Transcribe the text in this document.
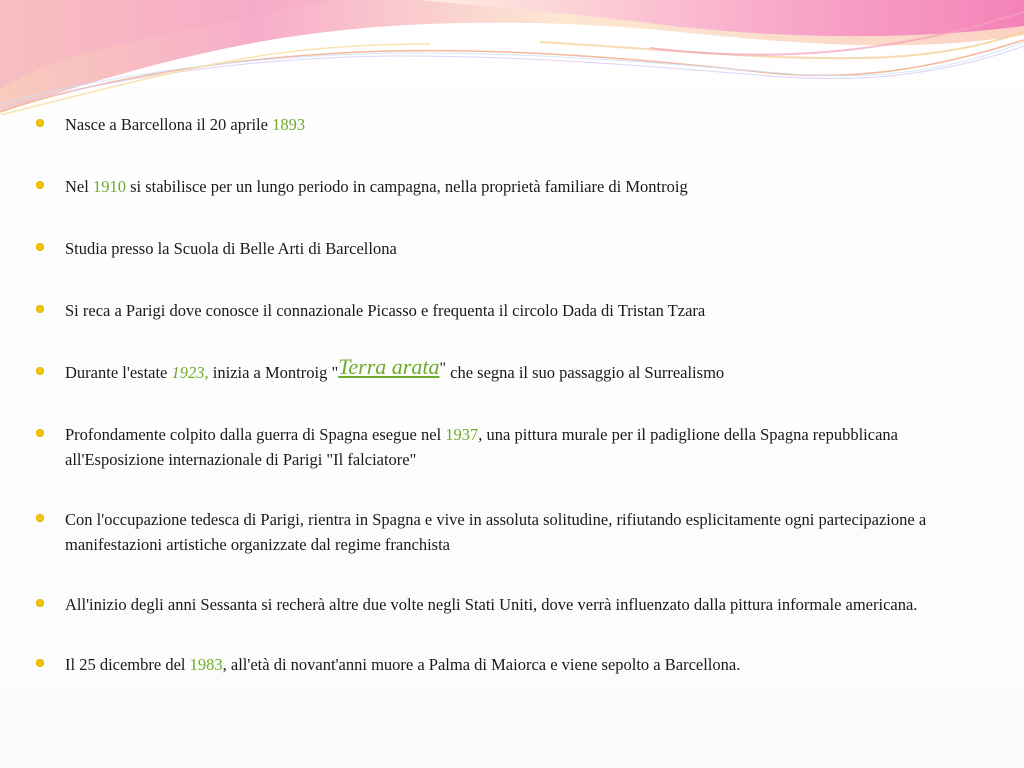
Nasce a Barcellona il 20 aprile 1893
Nel 1910 si stabilisce per un lungo periodo in campagna, nella proprietà familiare di Montroig
Studia presso la Scuola di Belle Arti di Barcellona
Si reca a Parigi dove conosce il connazionale Picasso e frequenta il circolo Dada di Tristan Tzara
Durante l'estate 1923, inizia a Montroig "Terra arata" che segna il suo passaggio al Surrealismo
Profondamente colpito dalla guerra di Spagna esegue nel 1937, una pittura murale per il padiglione della Spagna repubblicana all'Esposizione internazionale di Parigi "Il falciatore"
Con l'occupazione tedesca di Parigi, rientra in Spagna e vive in assoluta solitudine, rifiutando esplicitamente ogni partecipazione a manifestazioni artistiche organizzate dal regime franchista
All'inizio degli anni Sessanta si recherà altre due volte negli Stati Uniti, dove verrà influenzato dalla pittura informale americana.
Il 25 dicembre del 1983, all'età di novant'anni muore a Palma di Maiorca e viene sepolto a Barcellona.
